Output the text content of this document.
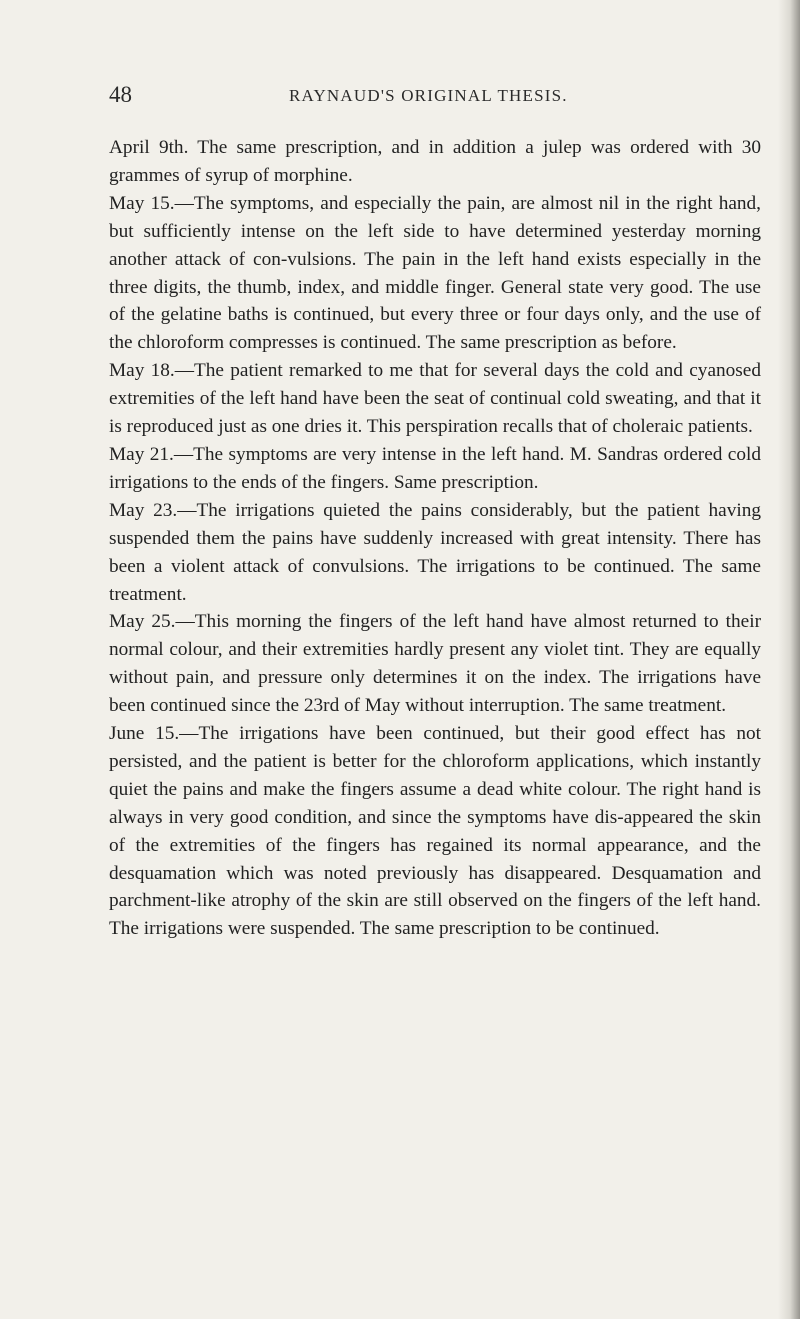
48	RAYNAUD'S ORIGINAL THESIS.

April 9th. The same prescription, and in addition a julep was ordered with 30 grammes of syrup of morphine.

May 15.—The symptoms, and especially the pain, are almost nil in the right hand, but sufficiently intense on the left side to have determined yesterday morning another attack of con-vulsions. The pain in the left hand exists especially in the three digits, the thumb, index, and middle finger. General state very good. The use of the gelatine baths is continued, but every three or four days only, and the use of the chloroform compresses is continued. The same prescription as before.

May 18.—The patient remarked to me that for several days the cold and cyanosed extremities of the left hand have been the seat of continual cold sweating, and that it is reproduced just as one dries it. This perspiration recalls that of choleraic patients.

May 21.—The symptoms are very intense in the left hand. M. Sandras ordered cold irrigations to the ends of the fingers. Same prescription.

May 23.—The irrigations quieted the pains considerably, but the patient having suspended them the pains have suddenly increased with great intensity. There has been a violent attack of convulsions. The irrigations to be continued. The same treatment.

May 25.—This morning the fingers of the left hand have almost returned to their normal colour, and their extremities hardly present any violet tint. They are equally without pain, and pressure only determines it on the index. The irrigations have been continued since the 23rd of May without interruption. The same treatment.

June 15.—The irrigations have been continued, but their good effect has not persisted, and the patient is better for the chloroform applications, which instantly quiet the pains and make the fingers assume a dead white colour. The right hand is always in very good condition, and since the symptoms have dis-appeared the skin of the extremities of the fingers has regained its normal appearance, and the desquamation which was noted previously has disappeared. Desquamation and parchment-like atrophy of the skin are still observed on the fingers of the left hand. The irrigations were suspended. The same prescription to be continued.
